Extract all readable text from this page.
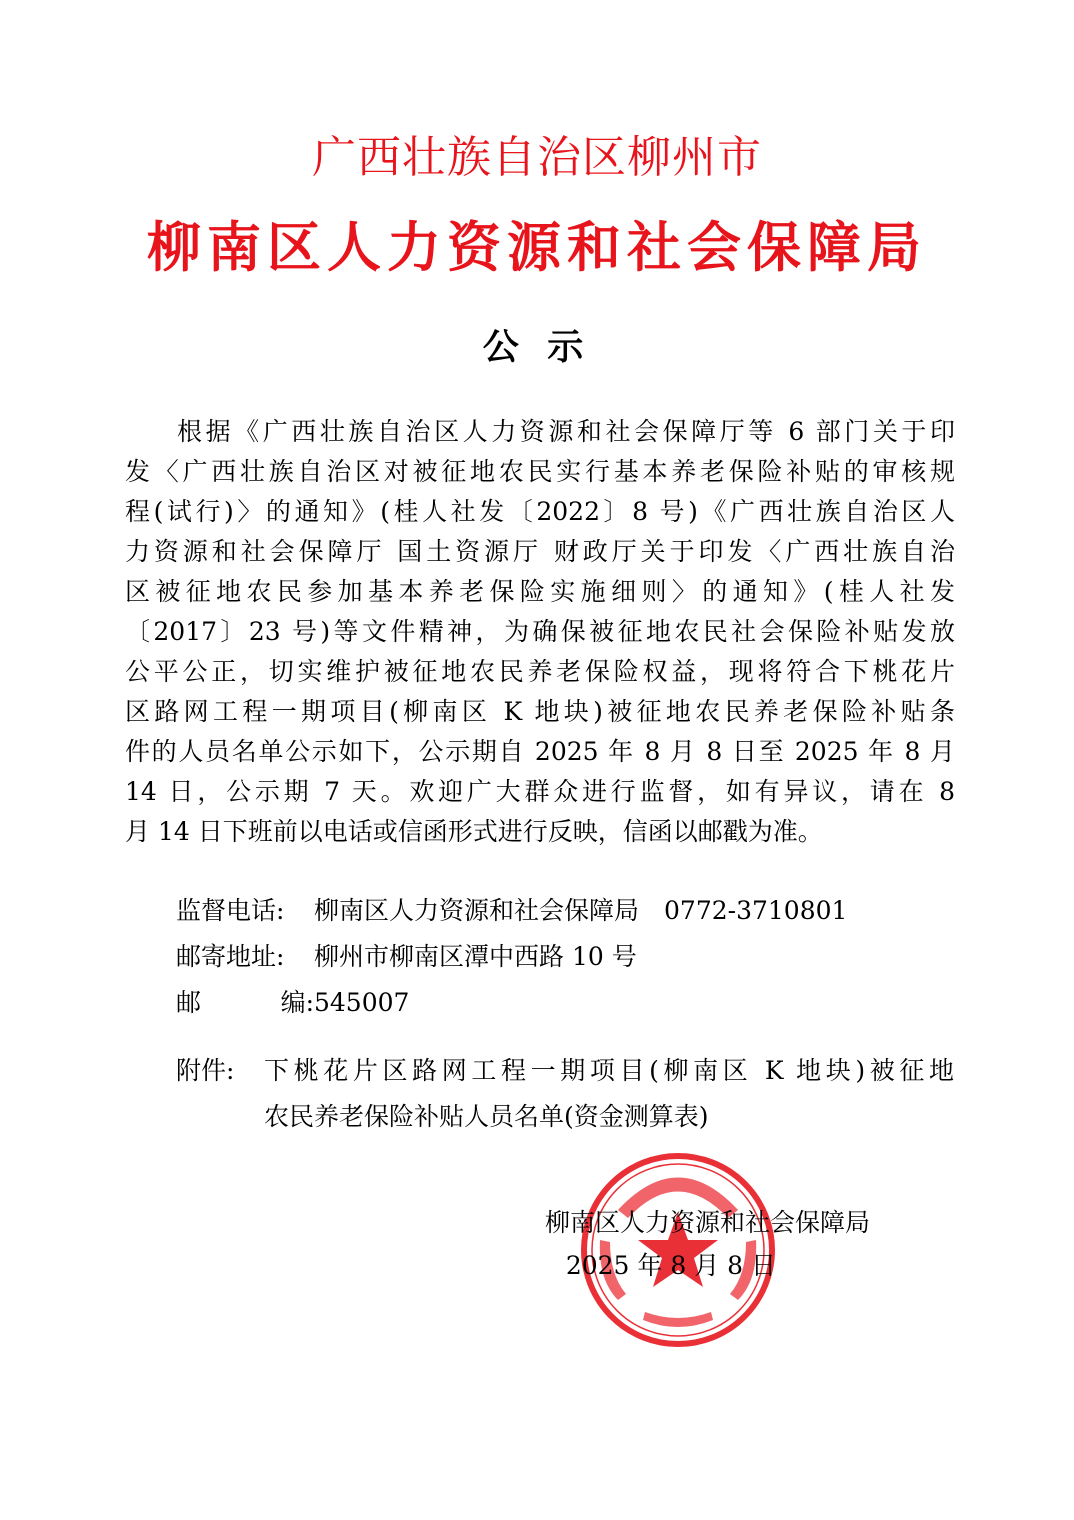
广西壮族自治区柳州市
柳南区人力资源和社会保障局
公 示
根据《广西壮族自治区人力资源和社会保障厅等 6 部门关于印
发〈广西壮族自治区对被征地农民实行基本养老保险补贴的审核规
程(试行)〉的通知》(桂人社发〔2022〕8 号)《广西壮族自治区人
力资源和社会保障厅 国土资源厅 财政厅关于印发〈广西壮族自治
区被征地农民参加基本养老保险实施细则〉的通知》(桂人社发
〔2017〕23 号)等文件精神，为确保被征地农民社会保险补贴发放
公平公正，切实维护被征地农民养老保险权益，现将符合下桃花片
区路网工程一期项目(柳南区 K 地块)被征地农民养老保险补贴条
件的人员名单公示如下，公示期自 2025 年 8 月 8 日至 2025 年 8 月
14 日，公示期 7 天。欢迎广大群众进行监督，如有异议，请在 8
月 14 日下班前以电话或信函形式进行反映，信函以邮戳为准。
监督电话:	柳南区人力资源和社会保障局　0772-3710801
邮寄地址:	柳州市柳南区潭中西路 10 号
邮	编: 545007
附件:	下桃花片区路网工程一期项目(柳南区 K 地块)被征地
农民养老保险补贴人员名单(资金测算表)
柳南区人力资源和社会保障局
2025 年 8 月 8 日
